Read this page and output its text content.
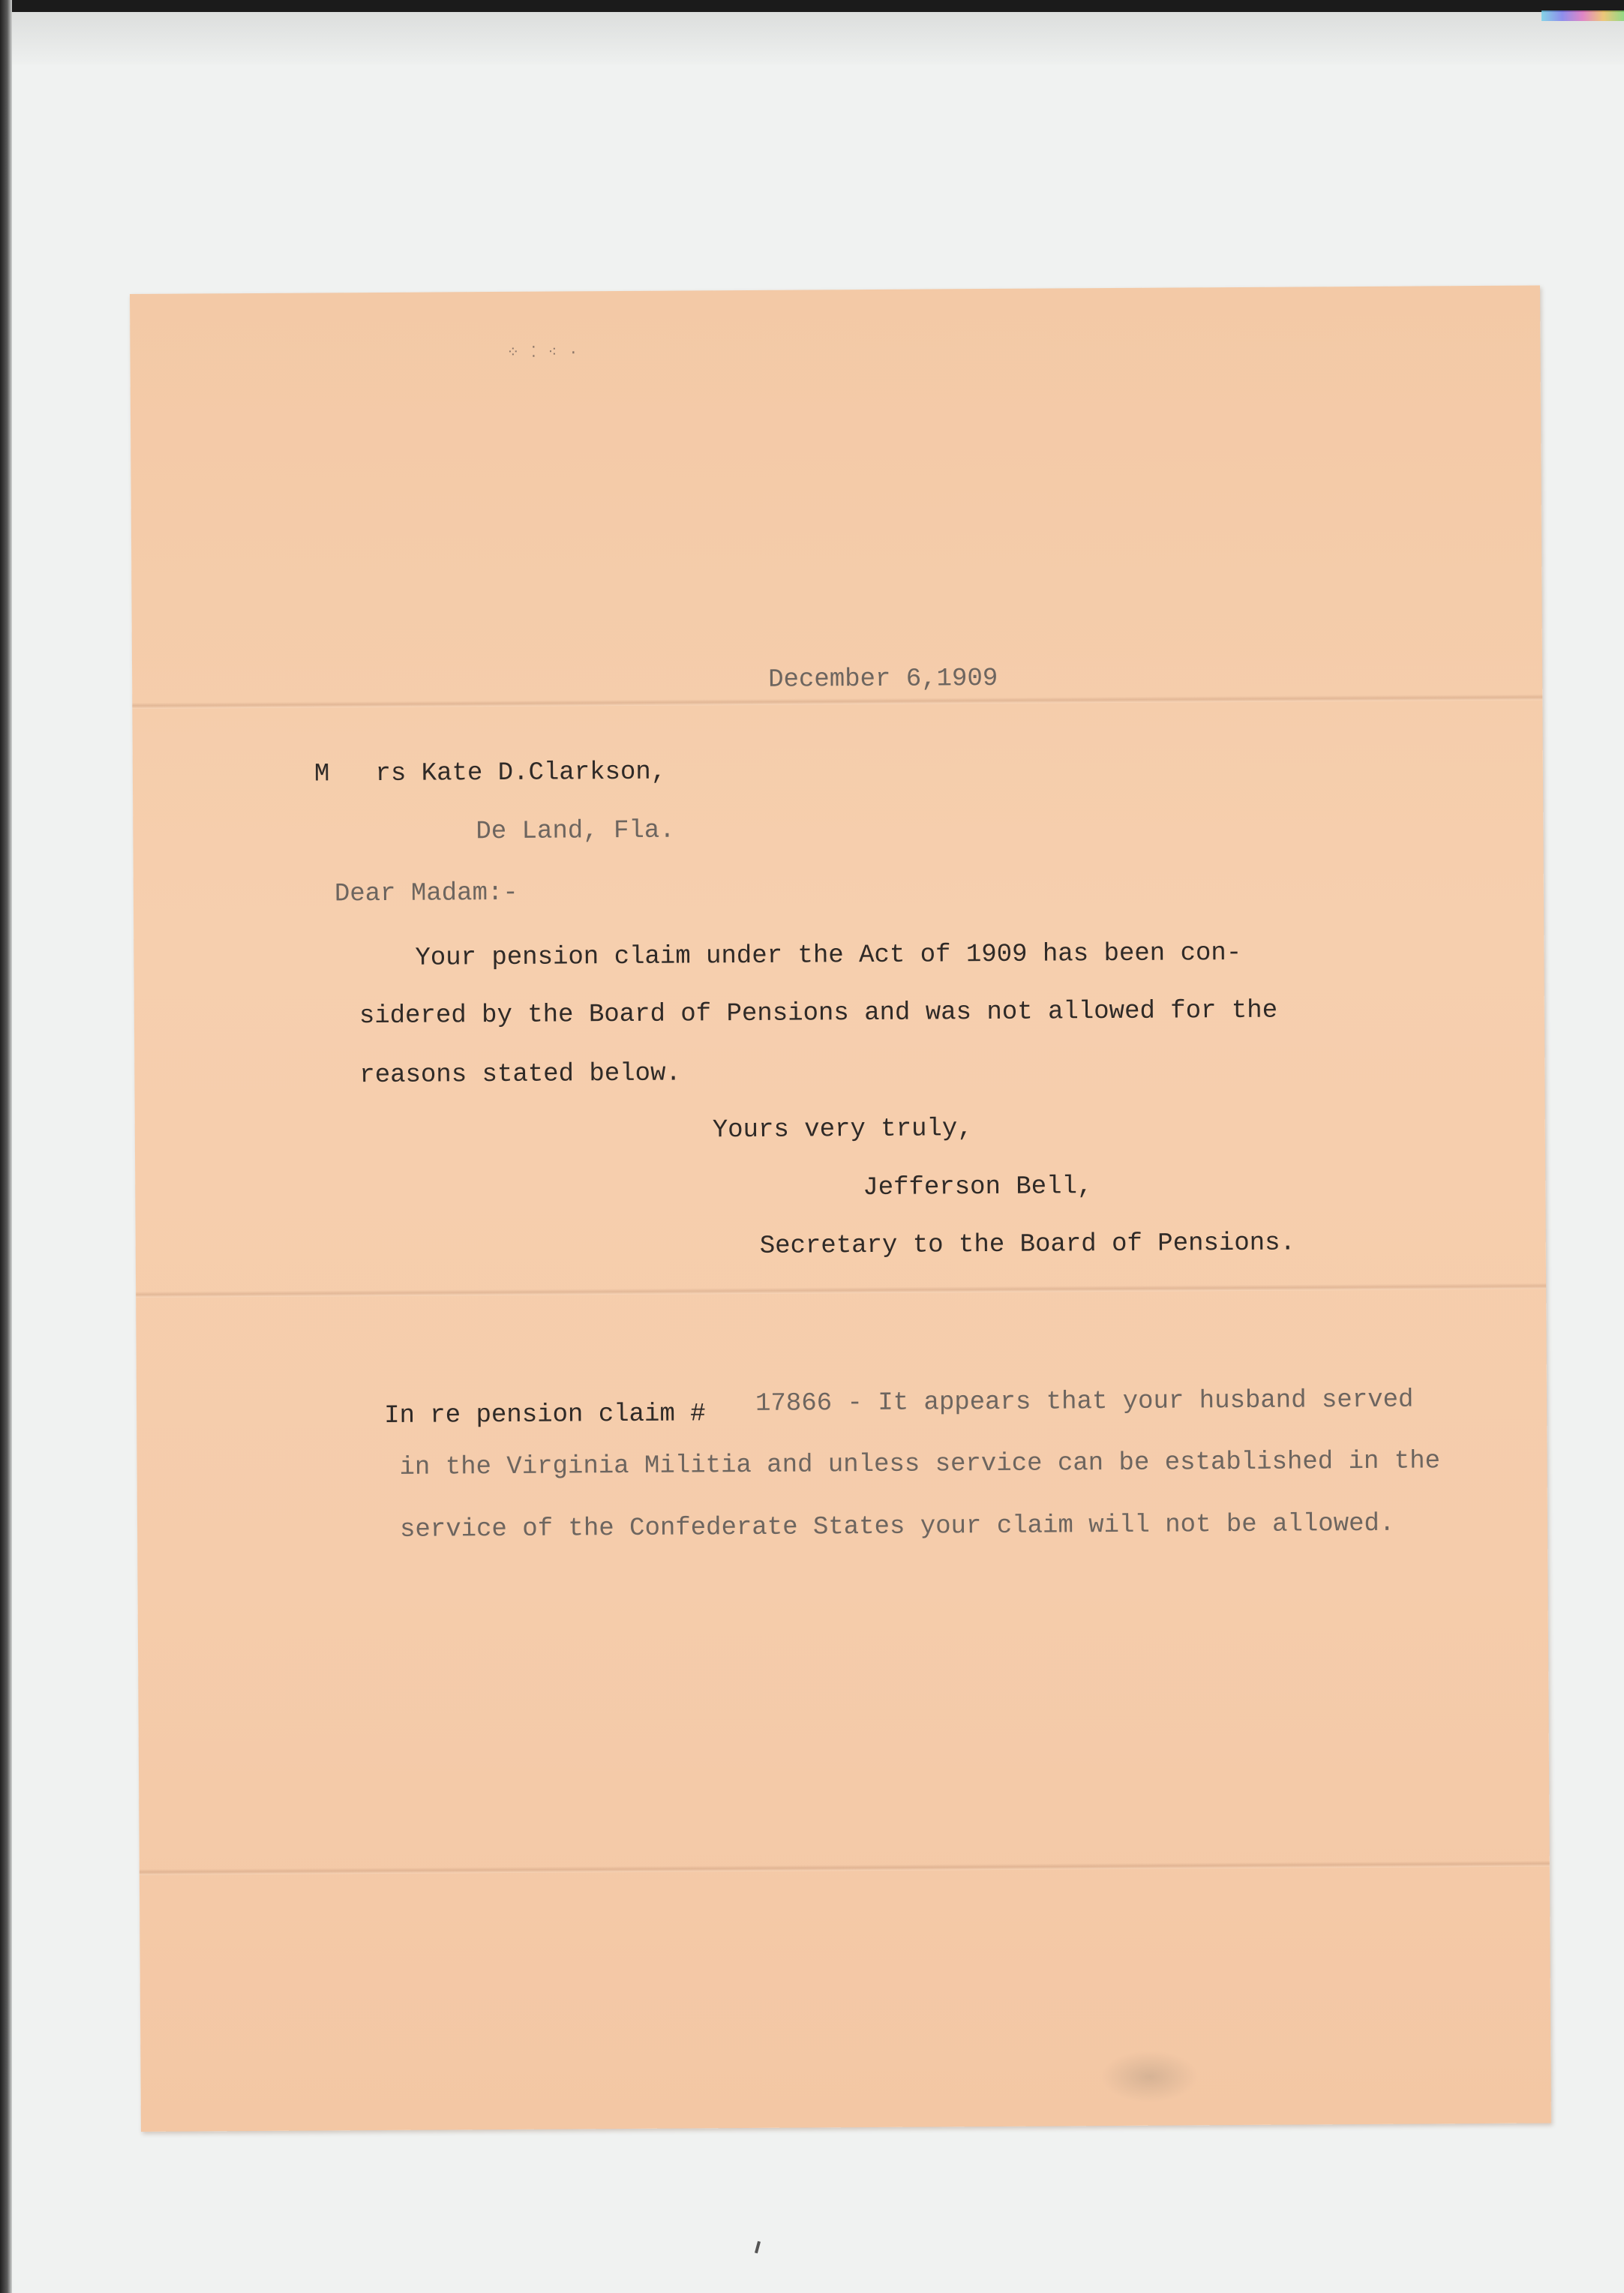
⁘ ⁚ ⁖ ·
December 6,1909
M   rs Kate D.Clarkson,
De Land, Fla.
Dear Madam:-
Your pension claim under the Act of 1909 has been con-
sidered by the Board of Pensions and was not allowed for the
reasons stated below.
Yours very truly,
Jefferson Bell,
Secretary to the Board of Pensions.
In re pension claim # 17866 - It appears that your husband served
in the Virginia Militia and unless service can be established in the
service of the Confederate States your claim will not be allowed.
